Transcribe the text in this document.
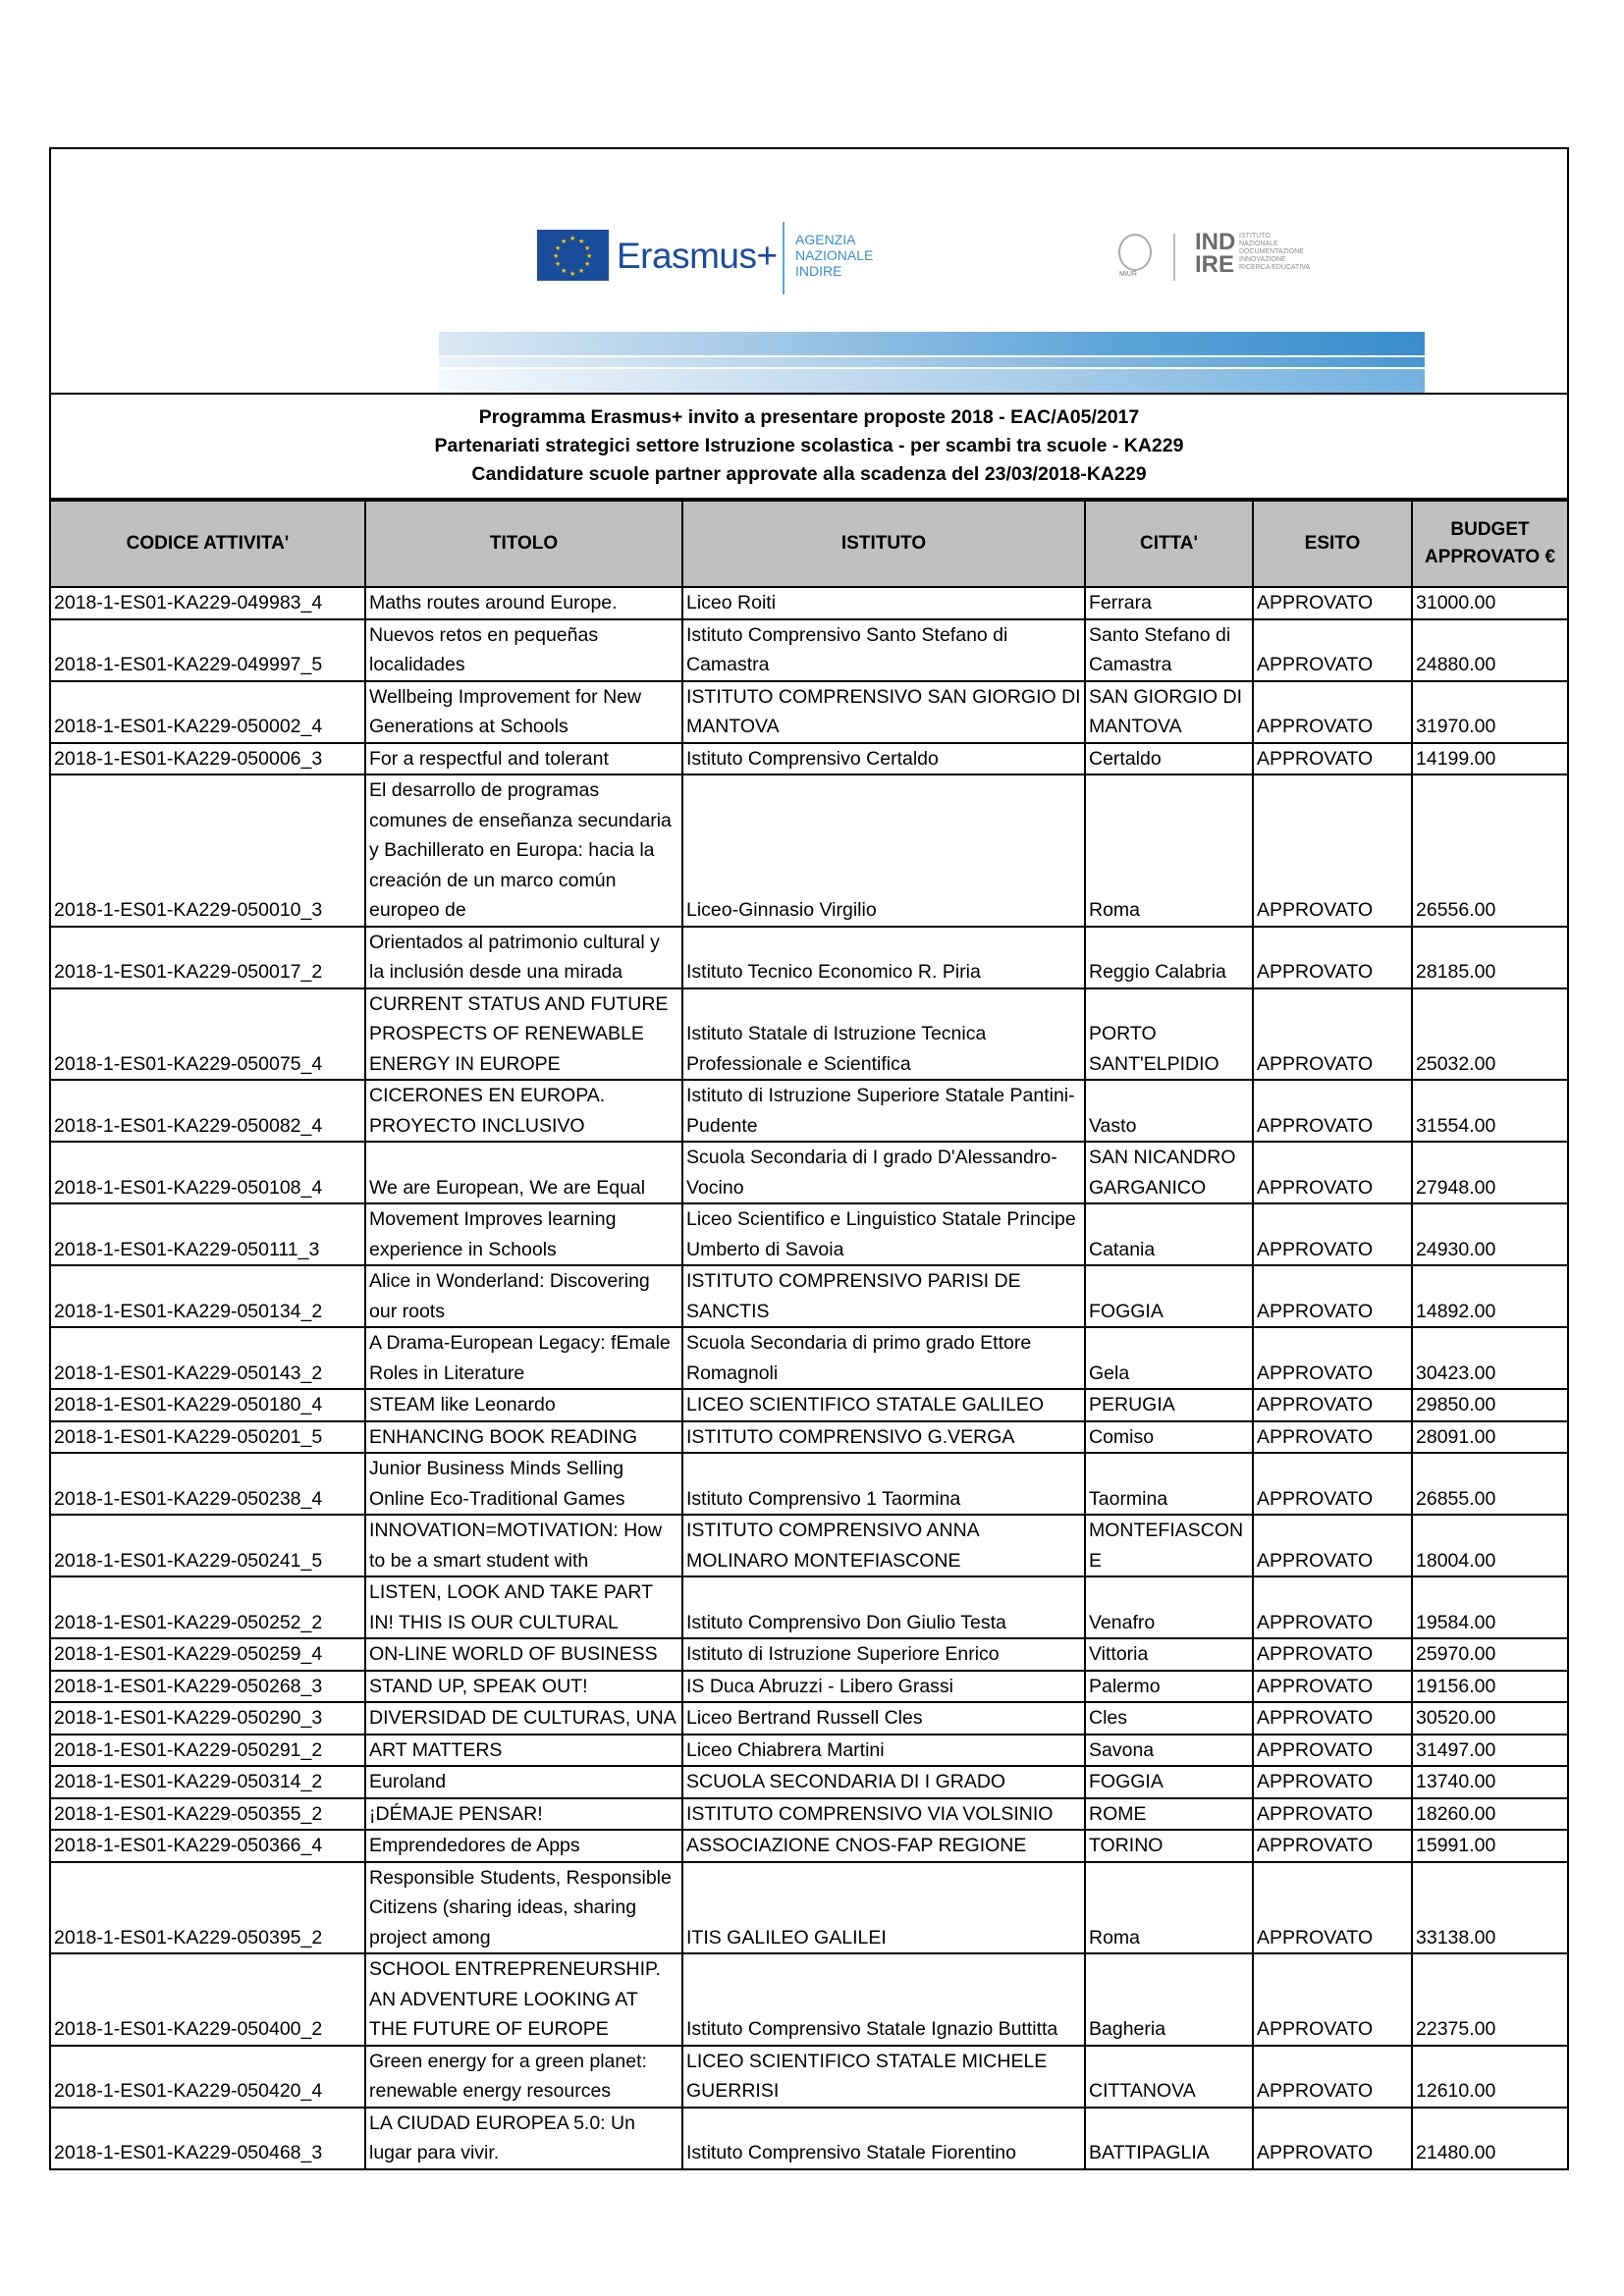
★ ★
★
★
★
★
★
★
★
★
★
★ Erasmus+ AGENZIA
NAZIONALE
INDIRE	MIUR
IND
IRE
ISTITUTO
NAZIONALE
DOCUMENTAZIONE
INNOVAZIONE
RICERCA EDUCATIVA
Programma Erasmus+ invito a presentare proposte 2018 - EAC/A05/2017
Partenariati strategici settore Istruzione scolastica - per scambi tra scuole - KA229
Candidature scuole partner approvate alla scadenza del 23/03/2018-KA229
CODICE ATTIVITA'	TITOLO	ISTITUTO	CITTA'	ESITO	BUDGET
APPROVATO €

2018-1-ES01-KA229-049983_4	Maths routes around Europe.	Liceo Roiti	Ferrara	APPROVATO	31000.00
2018-1-ES01-KA229-049997_5	Nuevos retos en pequeñas localidades	Istituto Comprensivo Santo Stefano di Camastra	Santo Stefano di Camastra	APPROVATO	24880.00
2018-1-ES01-KA229-050002_4	Wellbeing Improvement for New Generations at Schools	ISTITUTO COMPRENSIVO SAN GIORGIO DI MANTOVA	SAN GIORGIO DI MANTOVA	APPROVATO	31970.00
2018-1-ES01-KA229-050006_3	For a respectful and tolerant	Istituto Comprensivo Certaldo	Certaldo	APPROVATO	14199.00
2018-1-ES01-KA229-050010_3	El desarrollo de programas comunes de enseñanza secundaria y Bachillerato en Europa: hacia la creación de un marco común europeo de	Liceo-Ginnasio Virgilio	Roma	APPROVATO	26556.00
2018-1-ES01-KA229-050017_2	Orientados al patrimonio cultural y la inclusión desde una mirada	Istituto Tecnico Economico R. Piria	Reggio Calabria	APPROVATO	28185.00
2018-1-ES01-KA229-050075_4	CURRENT STATUS AND FUTURE PROSPECTS OF RENEWABLE ENERGY IN EUROPE	Istituto Statale di Istruzione Tecnica Professionale e Scientifica	PORTO SANT'ELPIDIO	APPROVATO	25032.00
2018-1-ES01-KA229-050082_4	CICERONES EN EUROPA. PROYECTO INCLUSIVO	Istituto di Istruzione Superiore Statale Pantini-Pudente	Vasto	APPROVATO	31554.00
2018-1-ES01-KA229-050108_4	We are European, We are Equal	Scuola Secondaria di I grado D'Alessandro-Vocino	SAN NICANDRO GARGANICO	APPROVATO	27948.00
2018-1-ES01-KA229-050111_3	Movement Improves learning experience in Schools	Liceo Scientifico e Linguistico Statale Principe Umberto di Savoia	Catania	APPROVATO	24930.00
2018-1-ES01-KA229-050134_2	Alice in Wonderland: Discovering our roots	ISTITUTO COMPRENSIVO PARISI DE SANCTIS	FOGGIA	APPROVATO	14892.00
2018-1-ES01-KA229-050143_2	A Drama-European Legacy: fEmale Roles in Literature	Scuola Secondaria di primo grado Ettore Romagnoli	Gela	APPROVATO	30423.00
2018-1-ES01-KA229-050180_4	STEAM like Leonardo	LICEO SCIENTIFICO STATALE GALILEO	PERUGIA	APPROVATO	29850.00
2018-1-ES01-KA229-050201_5	ENHANCING BOOK READING	ISTITUTO COMPRENSIVO G.VERGA	Comiso	APPROVATO	28091.00
2018-1-ES01-KA229-050238_4	Junior Business Minds Selling Online Eco-Traditional Games	Istituto Comprensivo 1 Taormina	Taormina	APPROVATO	26855.00
2018-1-ES01-KA229-050241_5	INNOVATION=MOTIVATION: How to be a smart student with	ISTITUTO COMPRENSIVO ANNA MOLINARO MONTEFIASCONE	MONTEFIASCON E	APPROVATO	18004.00
2018-1-ES01-KA229-050252_2	LISTEN, LOOK AND TAKE PART IN! THIS IS OUR CULTURAL	Istituto Comprensivo Don Giulio Testa	Venafro	APPROVATO	19584.00
2018-1-ES01-KA229-050259_4	ON-LINE WORLD OF BUSINESS	Istituto di Istruzione Superiore Enrico	Vittoria	APPROVATO	25970.00
2018-1-ES01-KA229-050268_3	STAND UP, SPEAK OUT!	IS Duca Abruzzi - Libero Grassi	Palermo	APPROVATO	19156.00
2018-1-ES01-KA229-050290_3	DIVERSIDAD DE CULTURAS, UNA	Liceo Bertrand Russell Cles	Cles	APPROVATO	30520.00
2018-1-ES01-KA229-050291_2	ART MATTERS	Liceo Chiabrera Martini	Savona	APPROVATO	31497.00
2018-1-ES01-KA229-050314_2	Euroland	SCUOLA SECONDARIA DI I GRADO	FOGGIA	APPROVATO	13740.00
2018-1-ES01-KA229-050355_2	¡DÉMAJE PENSAR!	ISTITUTO COMPRENSIVO VIA VOLSINIO	ROME	APPROVATO	18260.00
2018-1-ES01-KA229-050366_4	Emprendedores de Apps	ASSOCIAZIONE CNOS-FAP REGIONE	TORINO	APPROVATO	15991.00
2018-1-ES01-KA229-050395_2	Responsible Students, Responsible Citizens (sharing ideas, sharing project among	ITIS GALILEO GALILEI	Roma	APPROVATO	33138.00
2018-1-ES01-KA229-050400_2	SCHOOL ENTREPRENEURSHIP. AN ADVENTURE LOOKING AT THE FUTURE OF EUROPE	Istituto Comprensivo Statale Ignazio Buttitta	Bagheria	APPROVATO	22375.00
2018-1-ES01-KA229-050420_4	Green energy for a green planet: renewable energy resources	LICEO SCIENTIFICO STATALE MICHELE GUERRISI	CITTANOVA	APPROVATO	12610.00
2018-1-ES01-KA229-050468_3	LA CIUDAD EUROPEA 5.0: Un lugar para vivir.	Istituto Comprensivo Statale Fiorentino	BATTIPAGLIA	APPROVATO	21480.00
